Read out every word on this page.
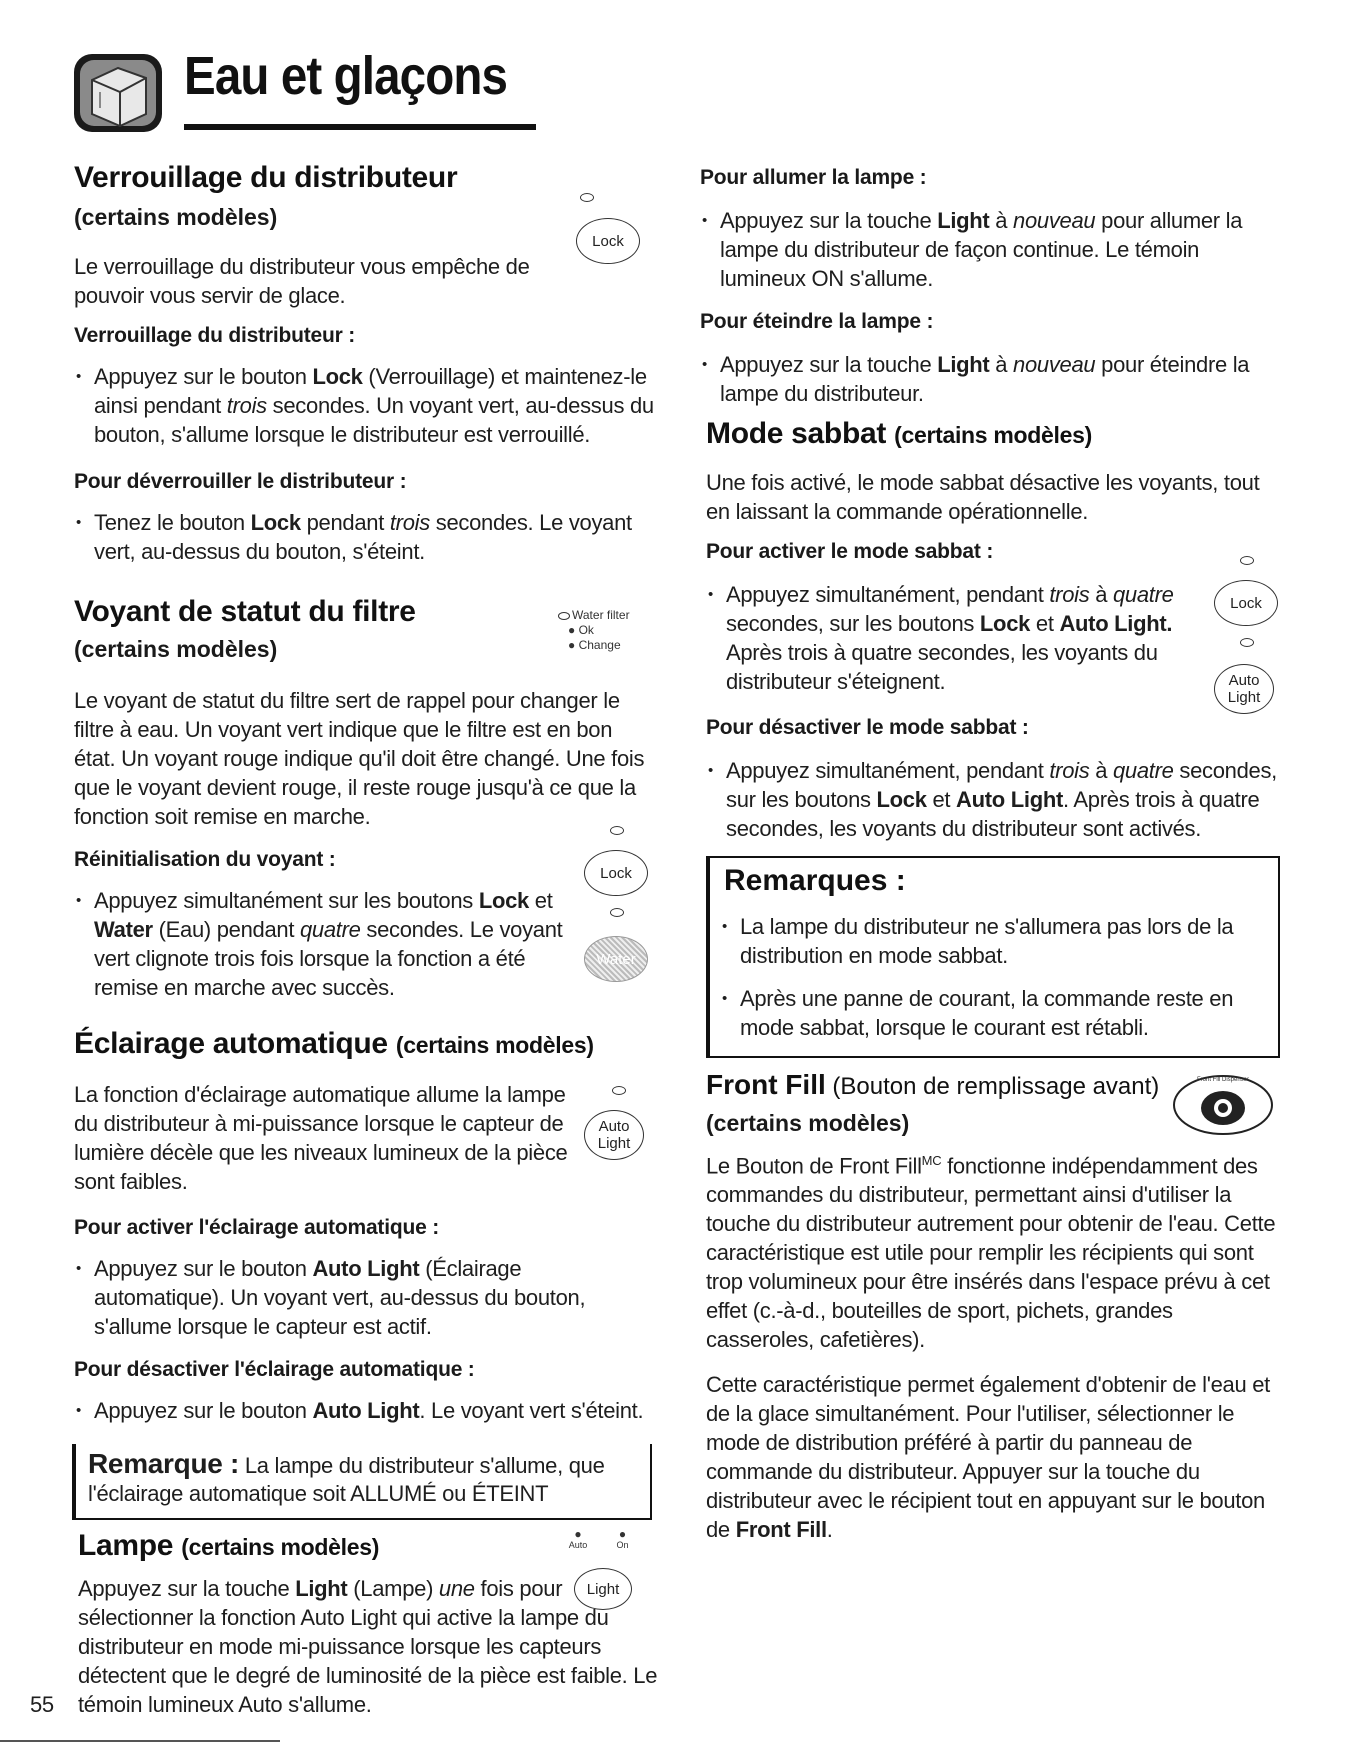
Eau et glaçons
Verrouillage du distributeur
(certains modèles)
Lock

Le verrouillage du distributeur vous empêche de pouvoir vous servir de glace.

Verrouillage du distributeur :
• Appuyez sur le bouton Lock (Verrouillage) et maintenez-le ainsi pendant trois secondes. Un voyant vert, au-dessus du bouton, s'allume lorsque le distributeur est verrouillé.
Pour déverrouiller le distributeur :
• Tenez le bouton Lock pendant trois secondes. Le voyant vert, au-dessus du bouton, s'éteint.
Voyant de statut du filtre
(certains modèles)
Water filter
● Ok
● Change

Le voyant de statut du filtre sert de rappel pour changer le filtre à eau. Un voyant vert indique que le filtre est en bon état. Un voyant rouge indique qu'il doit être changé. Une fois que le voyant devient rouge, il reste rouge jusqu'à ce que la fonction soit remise en marche.

Réinitialisation du voyant :
• Appuyez simultanément sur les boutons Lock et Water (Eau) pendant quatre secondes. Le voyant vert clignote trois fois lorsque la fonction a été remise en marche avec succès.
Lock
Water
Éclairage automatique (certains modèles)

La fonction d'éclairage automatique allume la lampe du distributeur à mi-puissance lorsque le capteur de lumière décèle que les niveaux lumineux de la pièce sont faibles.

Auto Light
Pour activer l'éclairage automatique :
• Appuyez sur le bouton Auto Light (Éclairage automatique). Un voyant vert, au-dessus du bouton, s'allume lorsque le capteur est actif.
Pour désactiver l'éclairage automatique :
• Appuyez sur le bouton Auto Light. Le voyant vert s'éteint.
Remarque : La lampe du distributeur s'allume, que l'éclairage automatique soit ALLUMÉ ou ÉTEINT
Lampe (certains modèles)	●
Auto
●
On
Light

Appuyez sur la touche Light (Lampe) une fois pour sélectionner la fonction Auto Light qui active la lampe du distributeur en mode mi-puissance lorsque les capteurs détectent que le degré de luminosité de la pièce est faible. Le témoin lumineux Auto s'allume.

55
Pour allumer la lampe :
• Appuyez sur la touche Light à nouveau pour allumer la lampe du distributeur de façon continue. Le témoin lumineux ON s'allume.
Pour éteindre la lampe :
• Appuyez sur la touche Light à nouveau pour éteindre la lampe du distributeur.
Mode sabbat (certains modèles)

Une fois activé, le mode sabbat désactive les voyants, tout en laissant la commande opérationnelle.

Pour activer le mode sabbat :
• Appuyez simultanément, pendant trois à quatre secondes, sur les boutons Lock et Auto Light. Après trois à quatre secondes, les voyants du distributeur s'éteignent.
Lock
Auto Light
Pour désactiver le mode sabbat :
• Appuyez simultanément, pendant trois à quatre secondes, sur les boutons Lock et Auto Light. Après trois à quatre secondes, les voyants du distributeur sont activés.
Remarques :
• La lampe du distributeur ne s'allumera pas lors de la distribution en mode sabbat.
• Après une panne de courant, la commande reste en mode sabbat, lorsque le courant est rétabli.
Front Fill (Bouton de remplissage avant)
(certains modèles)
Front Fill Dispenser

Le Bouton de Front Fill$^{MC}$ fonctionne indépendamment des commandes du distributeur, permettant ainsi d'utiliser la touche du distributeur autrement pour obtenir de l'eau. Cette caractéristique est utile pour remplir les récipients qui sont trop volumineux pour être insérés dans l'espace prévu à cet effet (c.-à-d., bouteilles de sport, pichets, grandes casseroles, cafetières).

Cette caractéristique permet également d'obtenir de l'eau et de la glace simultanément. Pour l'utiliser, sélectionner le mode de distribution préféré à partir du panneau de commande du distributeur. Appuyer sur la touche du distributeur avec le récipient tout en appuyant sur le bouton de Front Fill.
